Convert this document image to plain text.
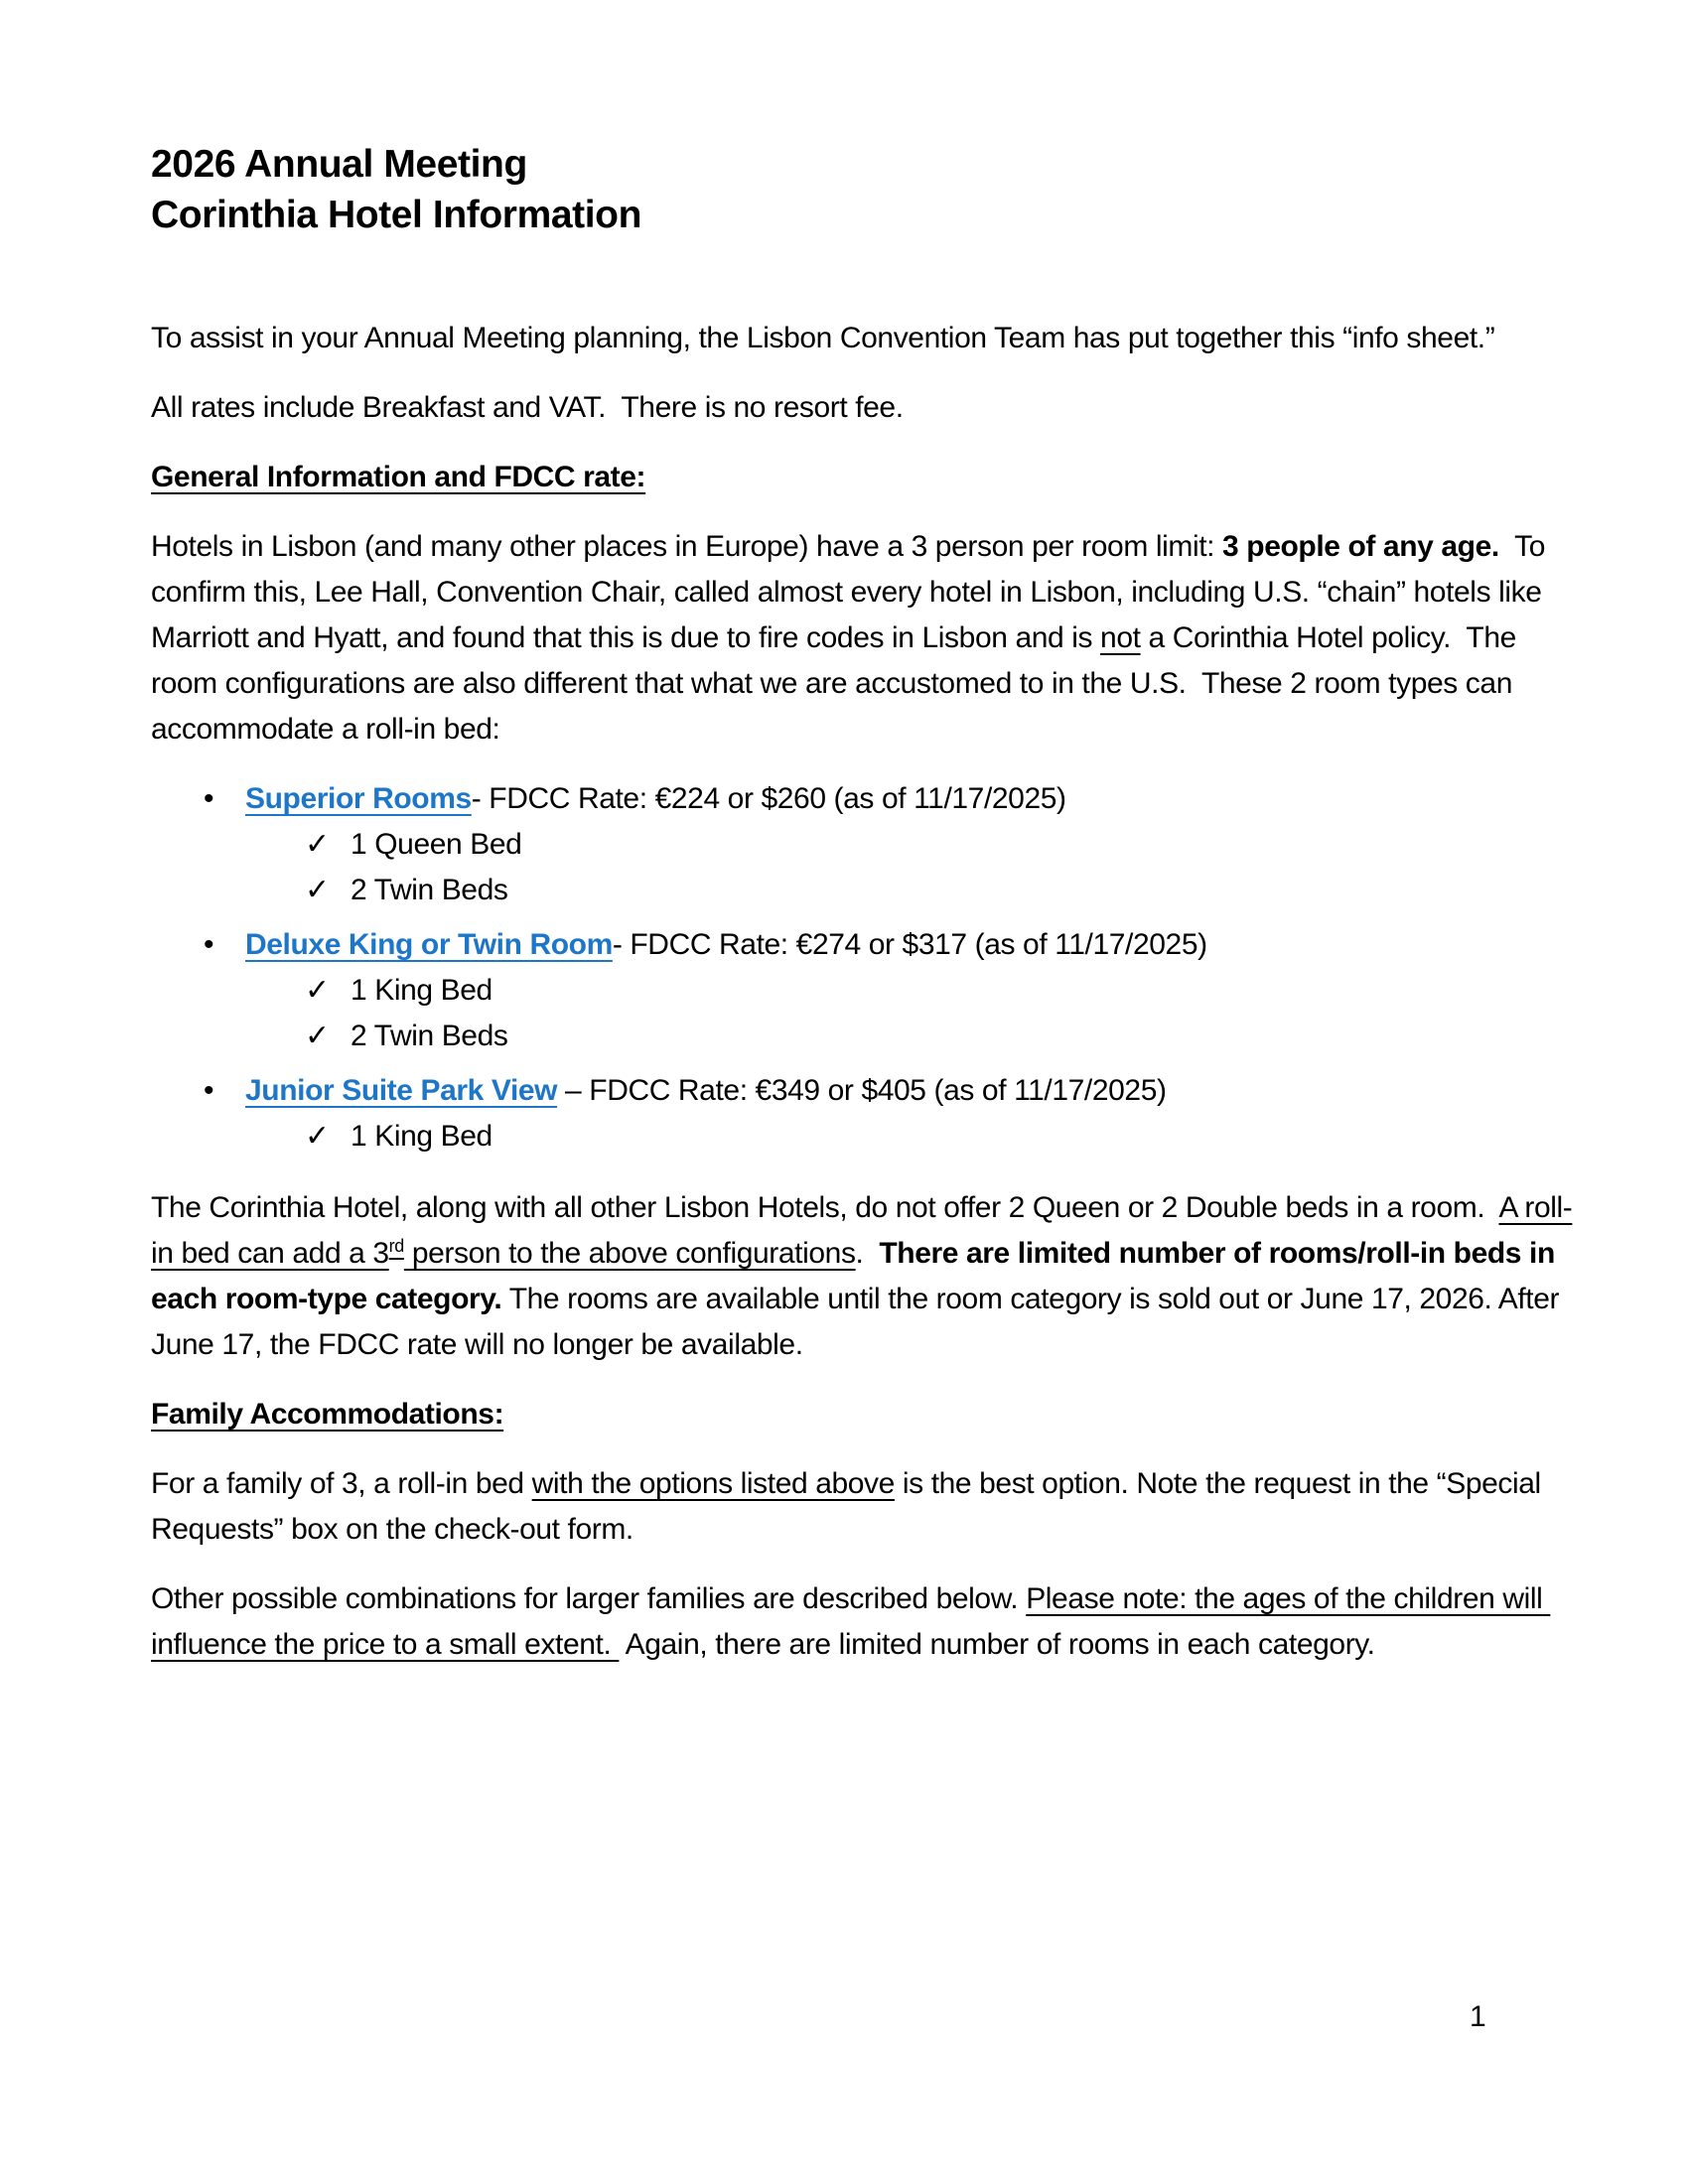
2026 Annual Meeting
Corinthia Hotel Information

To assist in your Annual Meeting planning, the Lisbon Convention Team has put together this “info sheet.”

All rates include Breakfast and VAT.  There is no resort fee.

General Information and FDCC rate:

Hotels in Lisbon (and many other places in Europe) have a 3 person per room limit: 3 people of any age.  To confirm this, Lee Hall, Convention Chair, called almost every hotel in Lisbon, including U.S. “chain” hotels like Marriott and Hyatt, and found that this is due to fire codes in Lisbon and is not a Corinthia Hotel policy.  The room configurations are also different that what we are accustomed to in the U.S.  These 2 room types can accommodate a roll-in bed:

•	Superior Rooms- FDCC Rate: €224 or $260 (as of 11/17/2025)
✓ 1 Queen Bed
✓ 2 Twin Beds
•	Deluxe King or Twin Room- FDCC Rate: €274 or $317 (as of 11/17/2025)
✓ 1 King Bed
✓ 2 Twin Beds
•	Junior Suite Park View – FDCC Rate: €349 or $405 (as of 11/17/2025)
✓ 1 King Bed

The Corinthia Hotel, along with all other Lisbon Hotels, do not offer 2 Queen or 2 Double beds in a room.  A roll-in bed can add a 3rd person to the above configurations.  There are limited number of rooms/roll-in beds in each room-type category. The rooms are available until the room category is sold out or June 17, 2026. After June 17, the FDCC rate will no longer be available.

Family Accommodations:

For a family of 3, a roll-in bed with the options listed above is the best option. Note the request in the “Special Requests” box on the check-out form.

Other possible combinations for larger families are described below. Please note: the ages of the children will influence the price to a small extent.  Again, there are limited number of rooms in each category.

1
